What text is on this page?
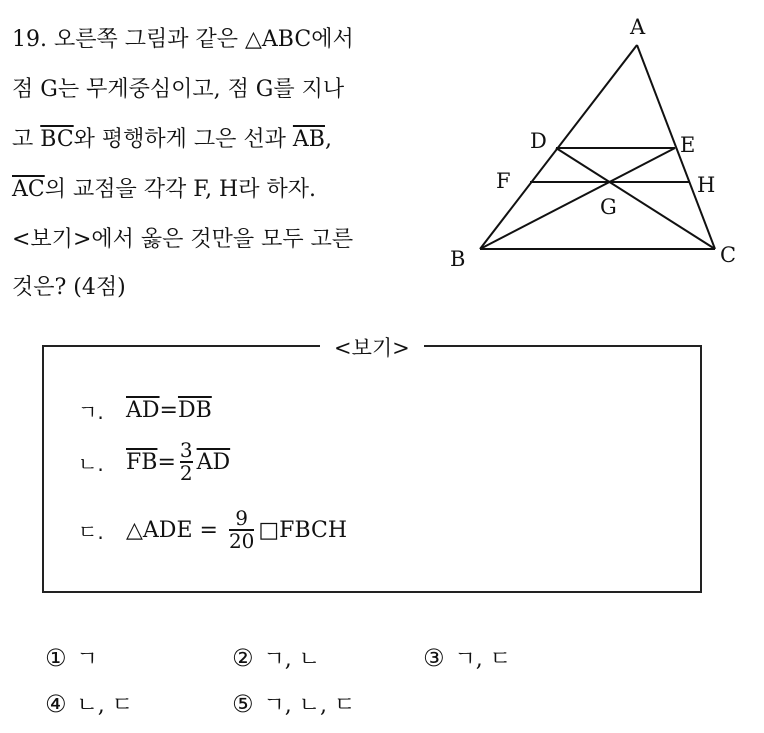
19. 오른쪽 그림과 같은 △ABC에서
점 G는 무게중심이고, 점 G를 지나
고 $\overline{BC}$와 평행하게 그은 선과 $\overline{AB}$,
$\overline{AC}$의 교점을 각각 F, H라 하자.
<보기>에서 옳은 것만을 모두 고른
것은? (4점)
A
B	C
D	E
F
G
H
<보기>
ㄱ.	$\overline{AD} = \overline{DB}$
ㄴ.	$\overline{FB} = \frac{3}{2} \overline{AD}$
ㄷ.	△ADE = $\frac{9}{20}$ □FBCH
① ㄱ	② ㄱ, ㄴ	③ ㄱ, ㄷ
④ ㄴ, ㄷ	⑤ ㄱ, ㄴ, ㄷ
